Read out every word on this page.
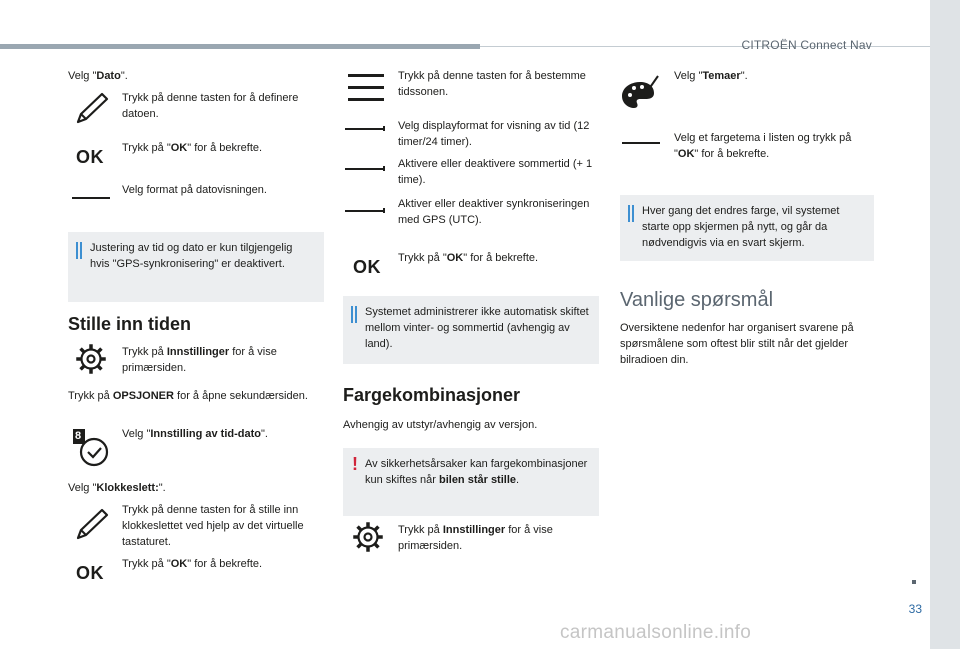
CITROËN Connect Nav
33
carmanualsonline.info
Velg "Dato".
Trykk på denne tasten for å definere datoen.
OK Trykk på "OK" for å bekrefte.
Velg format på datovisningen.
Justering av tid og dato er kun tilgjengelig hvis "GPS-synkronisering" er deaktivert.
Stille inn tiden
Trykk på Innstillinger for å vise primærsiden.
Trykk på OPSJONER for å åpne sekundærsiden.
8	Velg "Innstilling av tid-dato".
Velg "Klokkeslett:".
Trykk på denne tasten for å stille inn klokkeslettet ved hjelp av det virtuelle tastaturet.
OK Trykk på "OK" for å bekrefte.
Trykk på denne tasten for å bestemme tidssonen.
Velg displayformat for visning av tid (12 timer/24 timer).
Aktivere eller deaktivere sommertid (+ 1 time).
Aktiver eller deaktiver synkroniseringen med GPS (UTC).
OK Trykk på "OK" for å bekrefte.
Systemet administrerer ikke automatisk skiftet mellom vinter- og sommertid (avhengig av land).
Fargekombinasjoner
Avhengig av utstyr/avhengig av versjon.
! Av sikkerhetsårsaker kan fargekombinasjoner kun skiftes når bilen står stille.
Trykk på Innstillinger for å vise primærsiden.
Velg "Temaer".
Velg et fargetema i listen og trykk på "OK" for å bekrefte.
Hver gang det endres farge, vil systemet starte opp skjermen på nytt, og går da nødvendigvis via en svart skjerm.
Vanlige spørsmål
Oversiktene nedenfor har organisert svarene på spørsmålene som oftest blir stilt når det gjelder bilradioen din.
